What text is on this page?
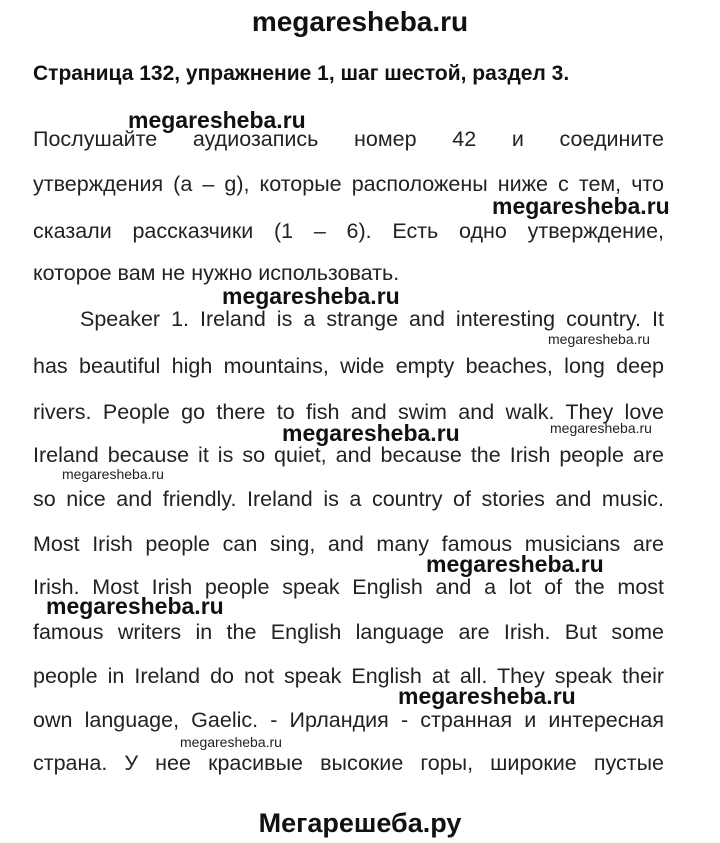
megaresheba.ru
Страница 132, упражнение 1, шаг шестой, раздел 3.
Послушайте аудиозапись номер 42 и соедините
утверждения (a – g), которые расположены ниже с тем, что
сказали рассказчики (1 – 6). Есть одно утверждение,
которое вам не нужно использовать.
Speaker 1. Ireland is a strange and interesting country. It
has beautiful high mountains, wide empty beaches, long deep
rivers. People go there to fish and swim and walk. They love
Ireland because it is so quiet, and because the Irish people are
so nice and friendly. Ireland is a country of stories and music.
Most Irish people can sing, and many famous musicians are
Irish. Most Irish people speak English and a lot of the most
famous writers in the English language are Irish. But some
people in Ireland do not speak English at all. They speak their
own language, Gaelic. - Ирландия - странная и интересная
страна. У нее красивые высокие горы, широкие пустые
megaresheba.ru
megaresheba.ru
megaresheba.ru
megaresheba.ru
megaresheba.ru	megaresheba.ru
megaresheba.ru
megaresheba.ru
megaresheba.ru
megaresheba.ru
megaresheba.ru
Мегарешеба.ру
